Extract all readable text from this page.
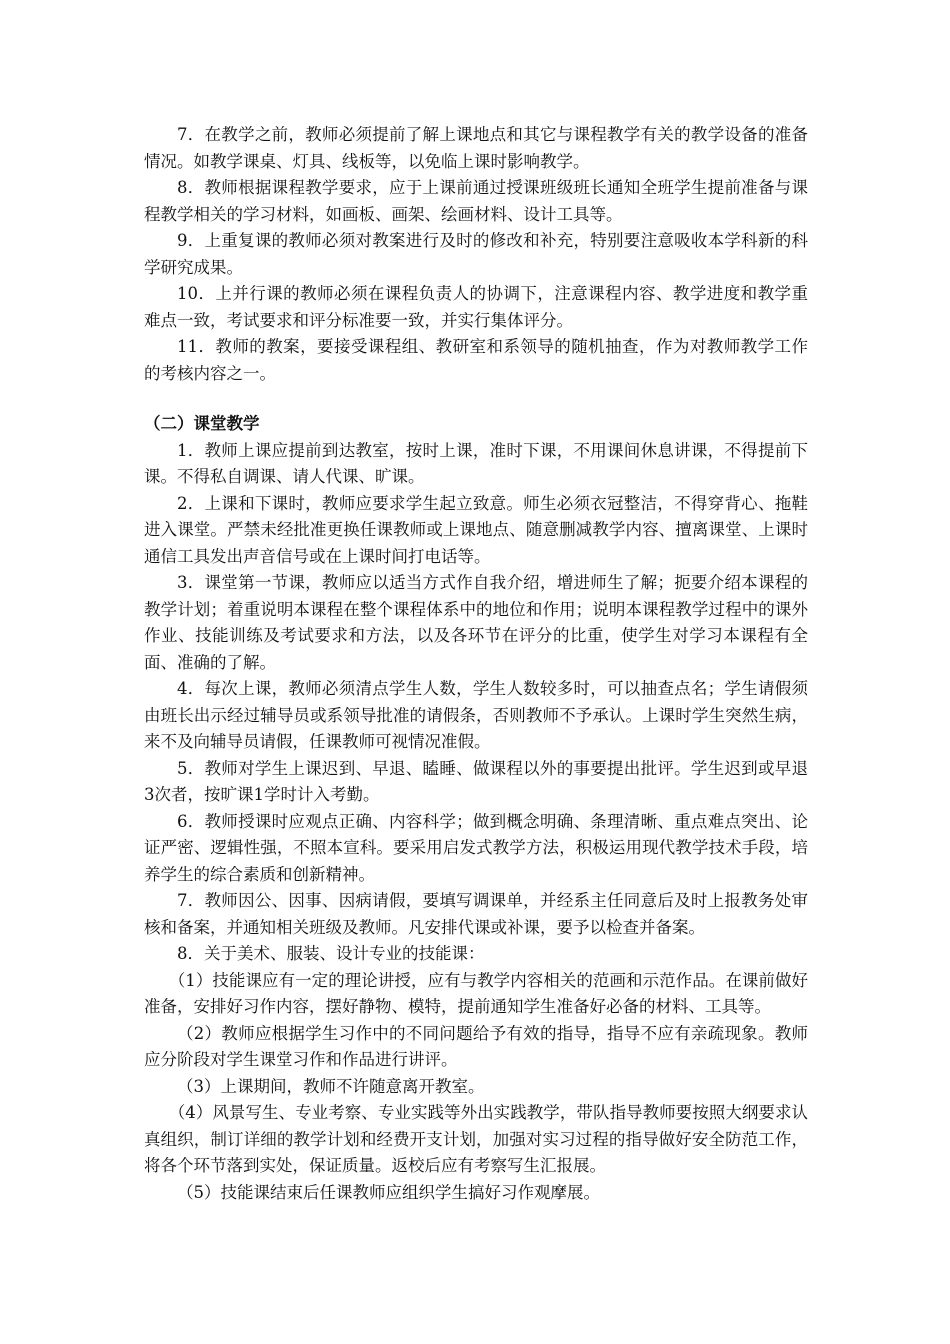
7．在教学之前，教师必须提前了解上课地点和其它与课程教学有关的教学设备的准备情况。如教学课桌、灯具、线板等，以免临上课时影响教学。

8．教师根据课程教学要求，应于上课前通过授课班级班长通知全班学生提前准备与课程教学相关的学习材料，如画板、画架、绘画材料、设计工具等。

9．上重复课的教师必须对教案进行及时的修改和补充，特别要注意吸收本学科新的科学研究成果。

10．上并行课的教师必须在课程负责人的协调下，注意课程内容、教学进度和教学重难点一致，考试要求和评分标准要一致，并实行集体评分。

11．教师的教案，要接受课程组、教研室和系领导的随机抽查，作为对教师教学工作的考核内容之一。

（二）课堂教学

1．教师上课应提前到达教室，按时上课，准时下课，不用课间休息讲课，不得提前下课。不得私自调课、请人代课、旷课。

2．上课和下课时，教师应要求学生起立致意。师生必须衣冠整洁，不得穿背心、拖鞋进入课堂。严禁未经批准更换任课教师或上课地点、随意删减教学内容、擅离课堂、上课时通信工具发出声音信号或在上课时间打电话等。

3．课堂第一节课，教师应以适当方式作自我介绍，增进师生了解；扼要介绍本课程的教学计划；着重说明本课程在整个课程体系中的地位和作用；说明本课程教学过程中的课外作业、技能训练及考试要求和方法，以及各环节在评分的比重，使学生对学习本课程有全面、准确的了解。

4．每次上课，教师必须清点学生人数，学生人数较多时，可以抽查点名；学生请假须由班长出示经过辅导员或系领导批准的请假条，否则教师不予承认。上课时学生突然生病，来不及向辅导员请假，任课教师可视情况准假。

5．教师对学生上课迟到、早退、瞌睡、做课程以外的事要提出批评。学生迟到或早退3次者，按旷课1学时计入考勤。

6．教师授课时应观点正确、内容科学；做到概念明确、条理清晰、重点难点突出、论证严密、逻辑性强，不照本宣科。要采用启发式教学方法，积极运用现代教学技术手段，培养学生的综合素质和创新精神。

7．教师因公、因事、因病请假，要填写调课单，并经系主任同意后及时上报教务处审核和备案，并通知相关班级及教师。凡安排代课或补课，要予以检查并备案。

8．关于美术、服装、设计专业的技能课：

（1）技能课应有一定的理论讲授，应有与教学内容相关的范画和示范作品。在课前做好准备，安排好习作内容，摆好静物、模特，提前通知学生准备好必备的材料、工具等。

（2）教师应根据学生习作中的不同问题给予有效的指导，指导不应有亲疏现象。教师应分阶段对学生课堂习作和作品进行讲评。

（3）上课期间，教师不许随意离开教室。

（4）风景写生、专业考察、专业实践等外出实践教学，带队指导教师要按照大纲要求认真组织，制订详细的教学计划和经费开支计划，加强对实习过程的指导做好安全防范工作，将各个环节落到实处，保证质量。返校后应有考察写生汇报展。

（5）技能课结束后任课教师应组织学生搞好习作观摩展。
